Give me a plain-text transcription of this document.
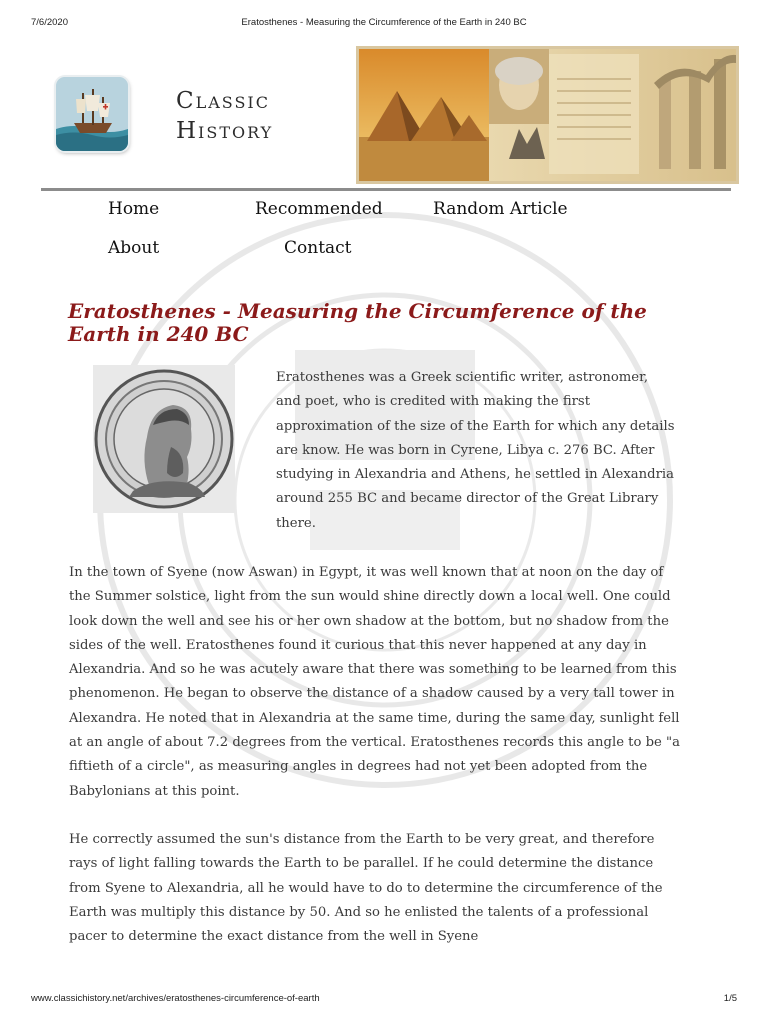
7/6/2020	Eratosthenes - Measuring the Circumference of the Earth in 240 BC
Classic
History
Home	Recommended	Random Article
About	Contact
Eratosthenes - Measuring the Circumference of the Earth in 240 BC

Eratosthenes was a Greek scientific writer, astronomer, and poet, who is credited with making the first approximation of the size of the Earth for which any details are know. He was born in Cyrene, Libya c. 276 BC. After studying in Alexandria and Athens, he settled in Alexandria around 255 BC and became director of the Great Library there.

In the town of Syene (now Aswan) in Egypt, it was well known that at noon on the day of the Summer solstice, light from the sun would shine directly down a local well. One could look down the well and see his or her own shadow at the bottom, but no shadow from the sides of the well. Eratosthenes found it curious that this never happened at any day in Alexandria. And so he was acutely aware that there was something to be learned from this phenomenon. He began to observe the distance of a shadow caused by a very tall tower in Alexandra. He noted that in Alexandria at the same time, during the same day, sunlight fell at an angle of about 7.2 degrees from the vertical. Eratosthenes records this angle to be "a fiftieth of a circle", as measuring angles in degrees had not yet been adopted from the Babylonians at this point.

He correctly assumed the sun's distance from the Earth to be very great, and therefore rays of light falling towards the Earth to be parallel. If he could determine the distance from Syene to Alexandria, all he would have to do to determine the circumference of the Earth was multiply this distance by 50. And so he enlisted the talents of a professional pacer to determine the exact distance from the well in Syene

www.classichistory.net/archives/eratosthenes-circumference-of-earth	1/5
